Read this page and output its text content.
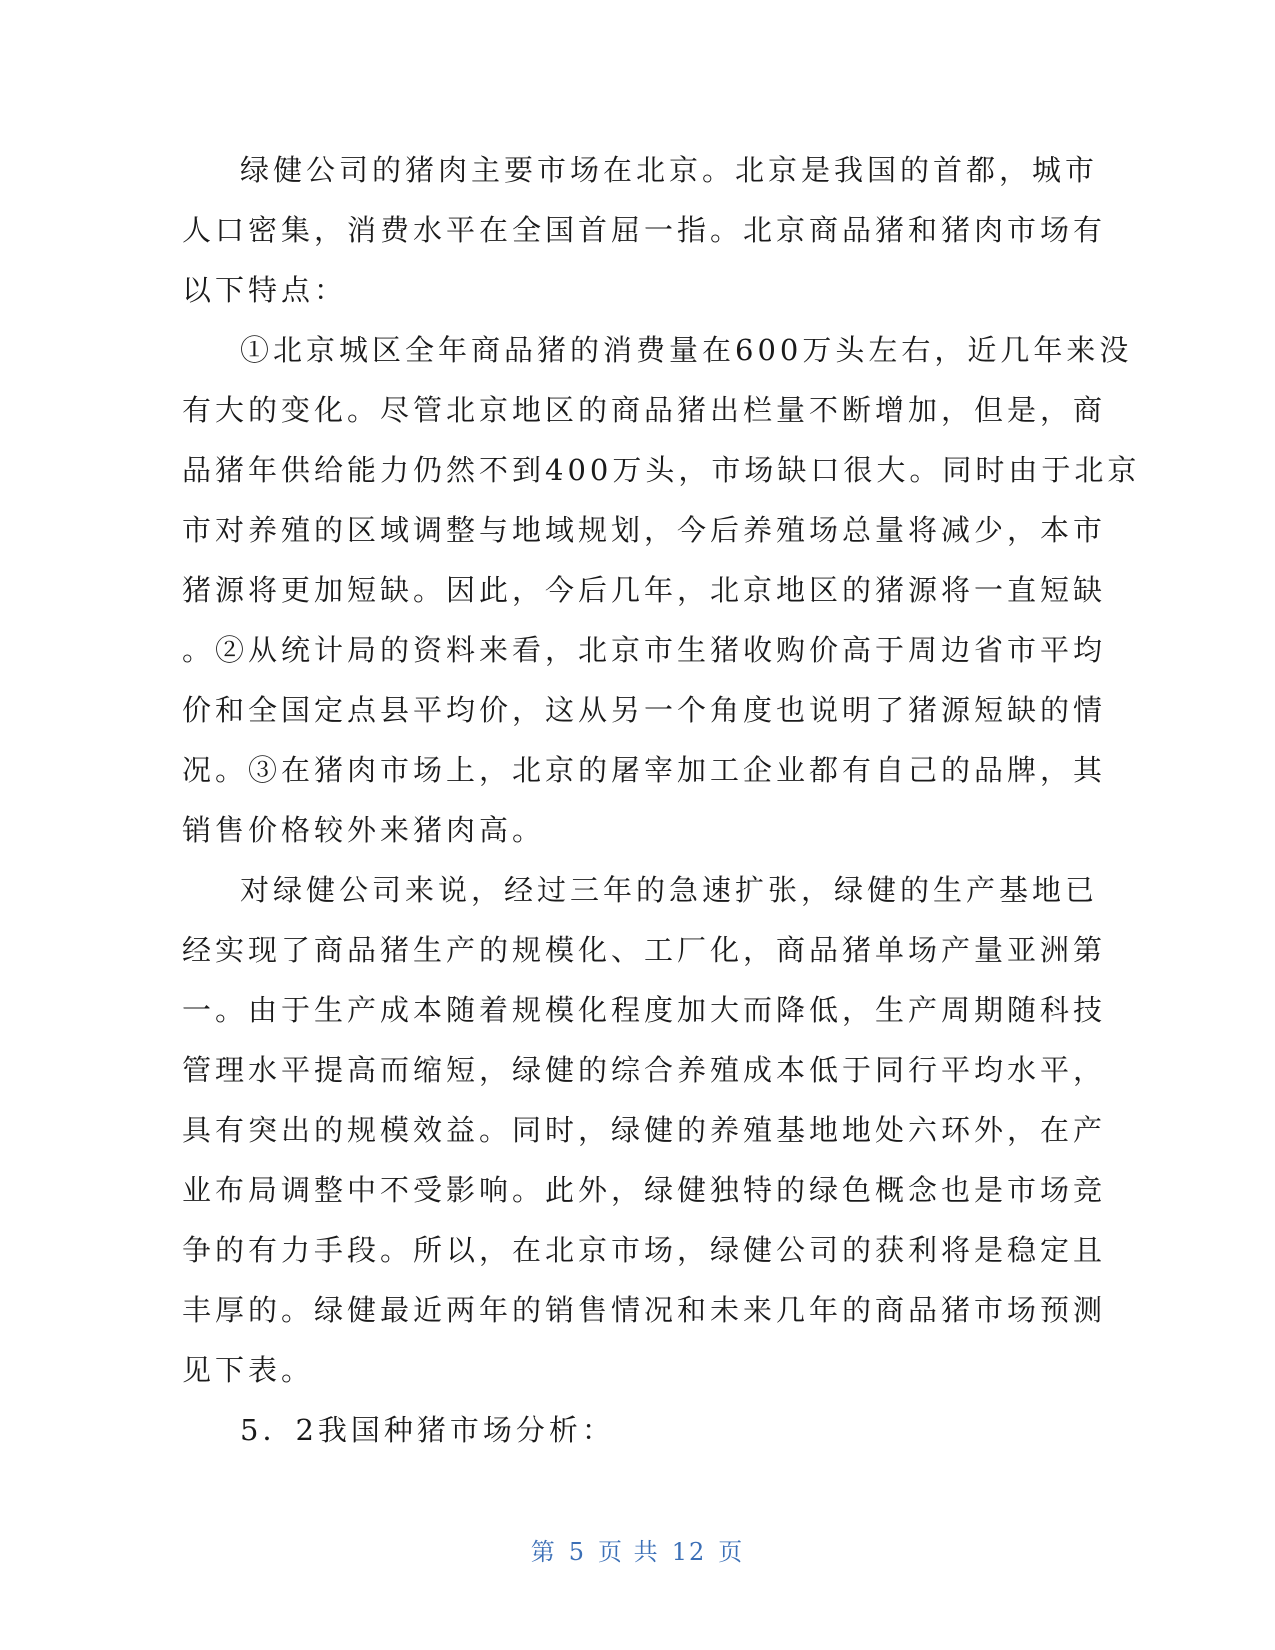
绿健公司的猪肉主要市场在北京。北京是我国的首都，城市
人口密集，消费水平在全国首屈一指。北京商品猪和猪肉市场有
以下特点：
①北京城区全年商品猪的消费量在600万头左右，近几年来没
有大的变化。尽管北京地区的商品猪出栏量不断增加，但是，商
品猪年供给能力仍然不到400万头，市场缺口很大。同时由于北京
市对养殖的区域调整与地域规划，今后养殖场总量将减少，本市
猪源将更加短缺。因此，今后几年，北京地区的猪源将一直短缺
。②从统计局的资料来看，北京市生猪收购价高于周边省市平均
价和全国定点县平均价，这从另一个角度也说明了猪源短缺的情
况。③在猪肉市场上，北京的屠宰加工企业都有自己的品牌，其
销售价格较外来猪肉高。
对绿健公司来说，经过三年的急速扩张，绿健的生产基地已
经实现了商品猪生产的规模化、工厂化，商品猪单场产量亚洲第
一。由于生产成本随着规模化程度加大而降低，生产周期随科技
管理水平提高而缩短，绿健的综合养殖成本低于同行平均水平，
具有突出的规模效益。同时，绿健的养殖基地地处六环外，在产
业布局调整中不受影响。此外，绿健独特的绿色概念也是市场竞
争的有力手段。所以，在北京市场，绿健公司的获利将是稳定且
丰厚的。绿健最近两年的销售情况和未来几年的商品猪市场预测
见下表。
5．2我国种猪市场分析：
第 5 页 共 12 页
